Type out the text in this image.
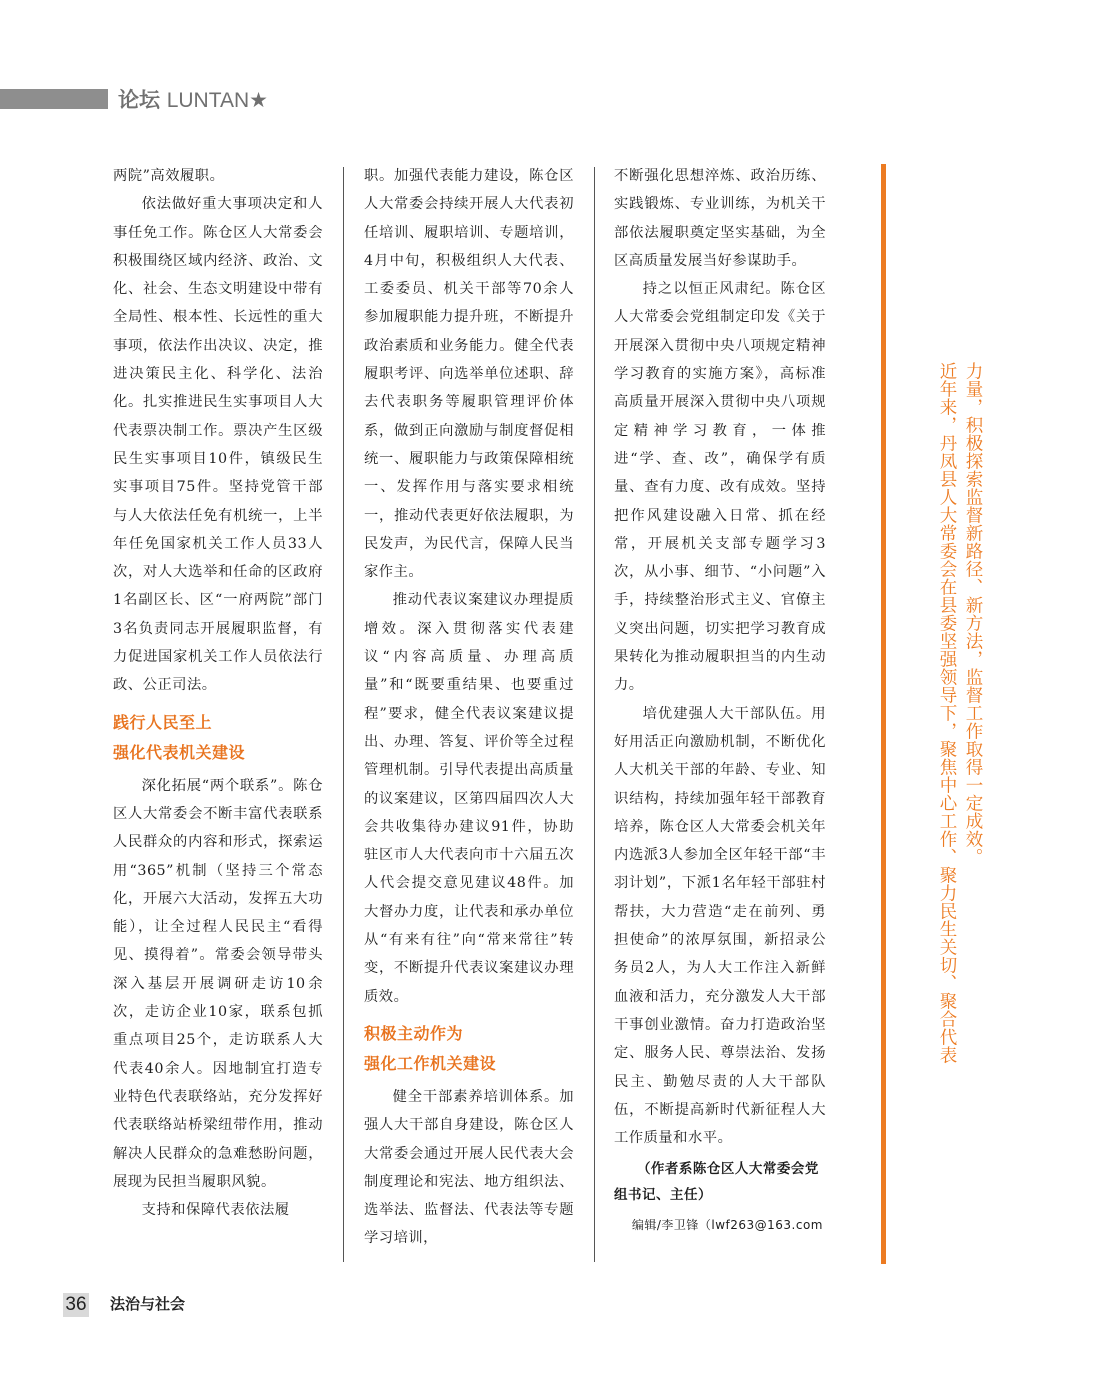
论坛 LUNTAN★

两院”高效履职。

依法做好重大事项决定和人事任免工作。陈仓区人大常委会积极围绕区域内经济、政治、文化、社会、生态文明建设中带有全局性、根本性、长远性的重大事项，依法作出决议、决定，推进决策民主化、科学化、法治化。扎实推进民生实事项目人大代表票决制工作。票决产生区级民生实事项目10件，镇级民生实事项目75件。坚持党管干部与人大依法任免有机统一，上半年任免国家机关工作人员33人次，对人大选举和任命的区政府1名副区长、区“一府两院”部门3名负责同志开展履职监督，有力促进国家机关工作人员依法行政、公正司法。

践行人民至上
强化代表机关建设

深化拓展“两个联系”。陈仓区人大常委会不断丰富代表联系人民群众的内容和形式，探索运用“365”机制（坚持三个常态化，开展六大活动，发挥五大功能），让全过程人民民主“看得见、摸得着”。常委会领导带头深入基层开展调研走访10余次，走访企业10家，联系包抓重点项目25个，走访联系人大代表40余人。因地制宜打造专业特色代表联络站，充分发挥好代表联络站桥梁纽带作用，推动解决人民群众的急难愁盼问题，展现为民担当履职风貌。

支持和保障代表依法履

职。加强代表能力建设，陈仓区人大常委会持续开展人大代表初任培训、履职培训、专题培训，4月中旬，积极组织人大代表、工委委员、机关干部等70余人参加履职能力提升班，不断提升政治素质和业务能力。健全代表履职考评、向选举单位述职、辞去代表职务等履职管理评价体系，做到正向激励与制度督促相统一、履职能力与政策保障相统一、发挥作用与落实要求相统一，推动代表更好依法履职，为民发声，为民代言，保障人民当家作主。

推动代表议案建议办理提质增效。深入贯彻落实代表建议“内容高质量、办理高质量”和“既要重结果、也要重过程”要求，健全代表议案建议提出、办理、答复、评价等全过程管理机制。引导代表提出高质量的议案建议，区第四届四次人大会共收集待办建议91件，协助驻区市人大代表向市十六届五次人代会提交意见建议48件。加大督办力度，让代表和承办单位从“有来有往”向“常来常往”转变，不断提升代表议案建议办理质效。

积极主动作为
强化工作机关建设

健全干部素养培训体系。加强人大干部自身建设，陈仓区人大常委会通过开展人民代表大会制度理论和宪法、地方组织法、选举法、监督法、代表法等专题学习培训，

不断强化思想淬炼、政治历练、实践锻炼、专业训练，为机关干部依法履职奠定坚实基础，为全区高质量发展当好参谋助手。

持之以恒正风肃纪。陈仓区人大常委会党组制定印发《关于开展深入贯彻中央八项规定精神学习教育的实施方案》，高标准高质量开展深入贯彻中央八项规定精神学习教育，一体推进“学、查、改”，确保学有质量、查有力度、改有成效。坚持把作风建设融入日常、抓在经常，开展机关支部专题学习3次，从小事、细节、“小问题”入手，持续整治形式主义、官僚主义突出问题，切实把学习教育成果转化为推动履职担当的内生动力。

培优建强人大干部队伍。用好用活正向激励机制，不断优化人大机关干部的年龄、专业、知识结构，持续加强年轻干部教育培养，陈仓区人大常委会机关年内选派3人参加全区年轻干部“丰羽计划”，下派1名年轻干部驻村帮扶，大力营造“走在前列、勇担使命”的浓厚氛围，新招录公务员2人，为人大工作注入新鲜血液和活力，充分激发人大干部干事创业激情。奋力打造政治坚定、服务人民、尊崇法治、发扬民主、勤勉尽责的人大干部队伍，不断提高新时代新征程人大工作质量和水平。

（作者系陈仓区人大常委会党组书记、主任）
编辑/李卫锋（lwf263@163.com
力量，积极探索监督新路径、新方法，监督工作取得一定成效。
近年来，丹凤县人大常委会在县委坚强领导下，聚焦中心工作、聚力民生关切、聚合代表
36 法治与社会
